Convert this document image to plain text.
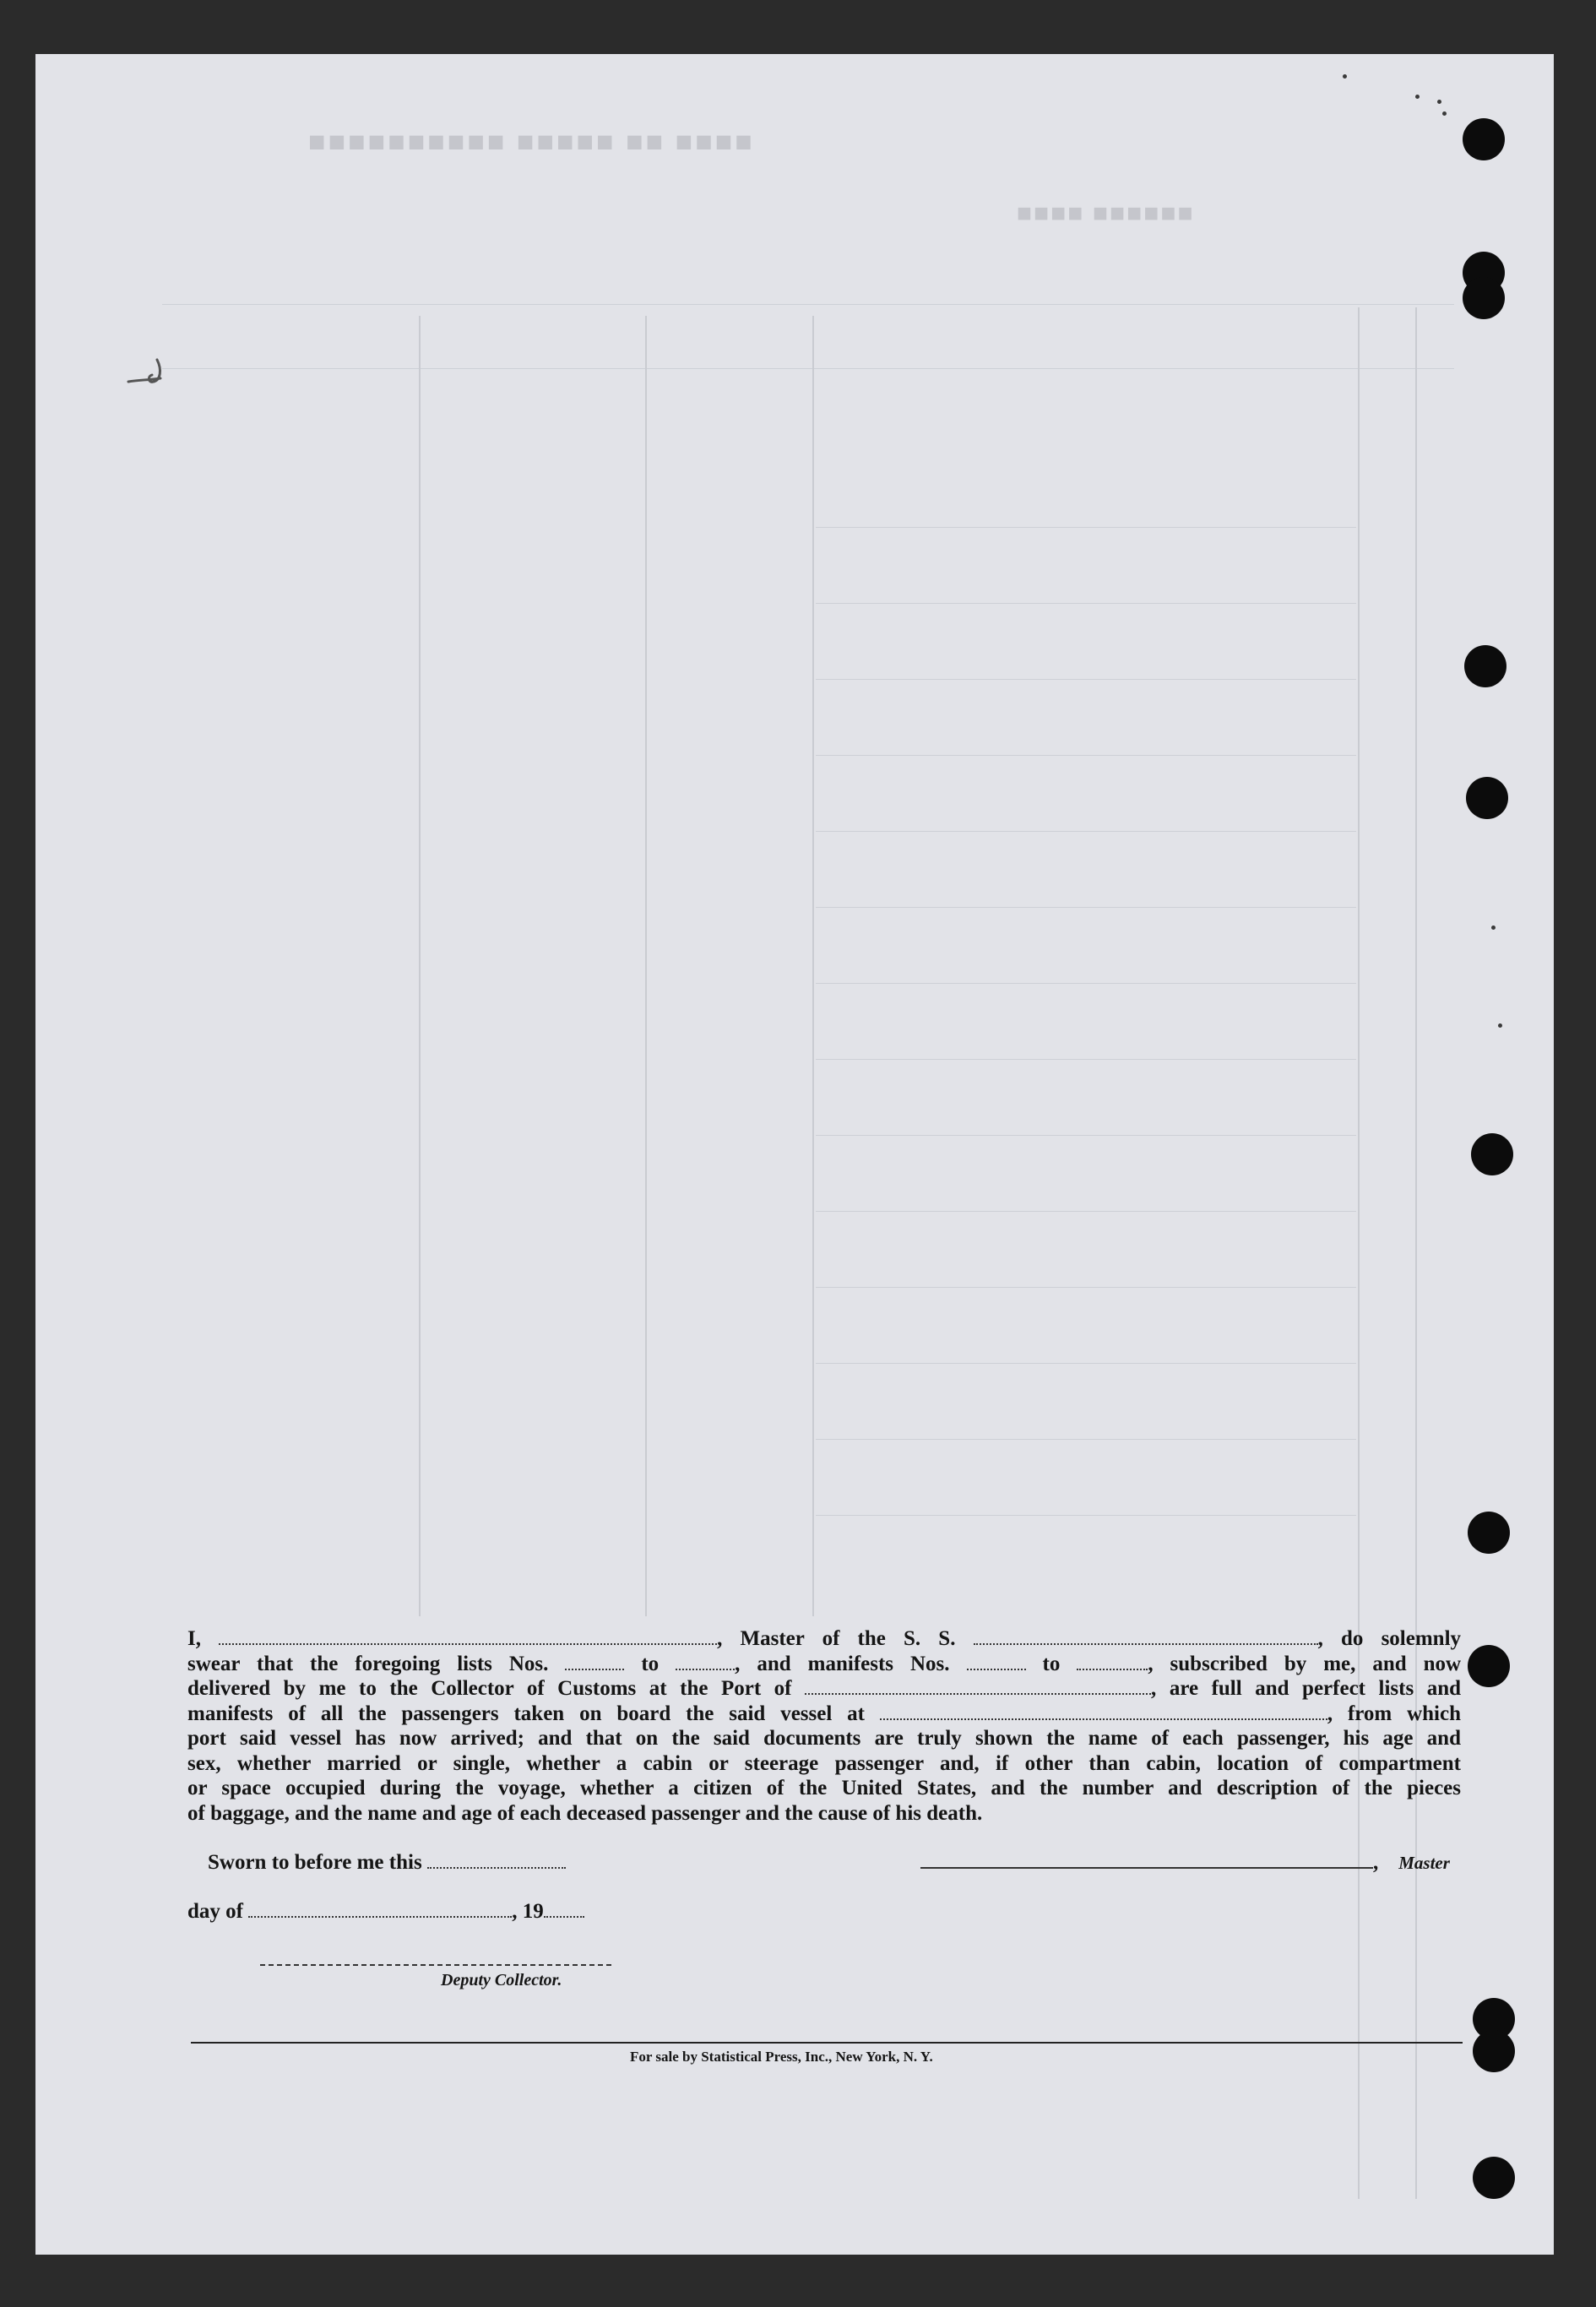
■■■■ ■■ ■■■■■ ■■■■■■■■■■
■■■■■■ ■■■■
I,	, Master of the S. S.	, do solemnly
swear that the foregoing lists Nos.	to	, and manifests Nos.	to	, subscribed by me, and now
delivered by me to the Collector of Customs at the Port of	, are full and perfect lists and
manifests of all the passengers taken on board the said vessel at	, from which
port said vessel has now arrived; and that on the said documents are truly shown the name of each passenger, his age and
sex, whether married or single, whether a cabin or steerage passenger and, if other than cabin, location of compartment
or space occupied during the voyage, whether a citizen of the United States, and the number and description of the pieces
of baggage, and the name and age of each deceased passenger and the cause of his death.
Sworn to before me this	, Master
day of	, 19
Deputy Collector.
For sale by Statistical Press, Inc., New York, N. Y.
